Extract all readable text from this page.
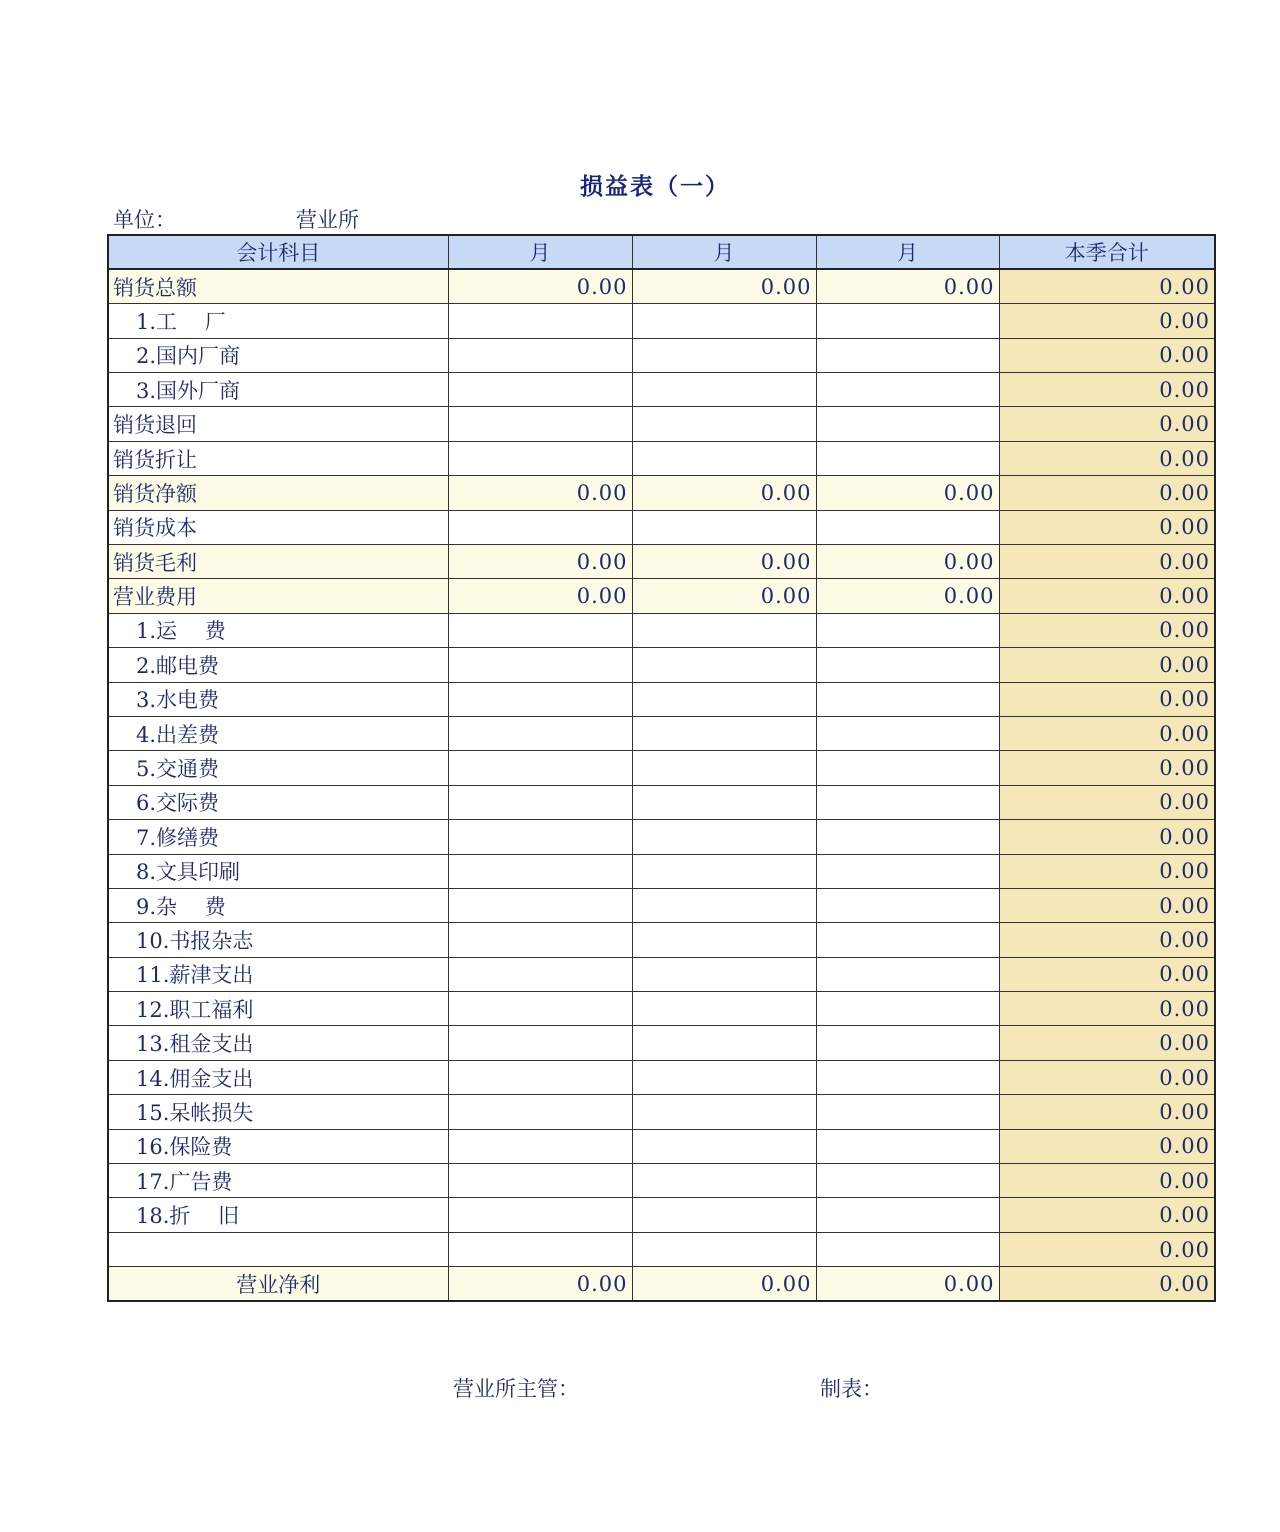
损益表（一）
单位：	营业所
会计科目	月	月	月	本季合计
销货总额	0.00	0.00	0.00	0.00
1.工　 厂				0.00
2.国内厂商				0.00
3.国外厂商				0.00
销货退回				0.00
销货折让				0.00
销货净额	0.00	0.00	0.00	0.00
销货成本				0.00
销货毛利	0.00	0.00	0.00	0.00
营业费用	0.00	0.00	0.00	0.00
1.运　 费				0.00
2.邮电费				0.00
3.水电费				0.00
4.出差费				0.00
5.交通费				0.00
6.交际费				0.00
7.修缮费				0.00
8.文具印刷				0.00
9.杂　 费				0.00
10.书报杂志				0.00
11.薪津支出				0.00
12.职工福利				0.00
13.租金支出				0.00
14.佣金支出				0.00
15.呆帐损失				0.00
16.保险费				0.00
17.广告费				0.00
18.折　 旧				0.00
				0.00
营业净利	0.00	0.00	0.00	0.00
营业所主管：	制表：
